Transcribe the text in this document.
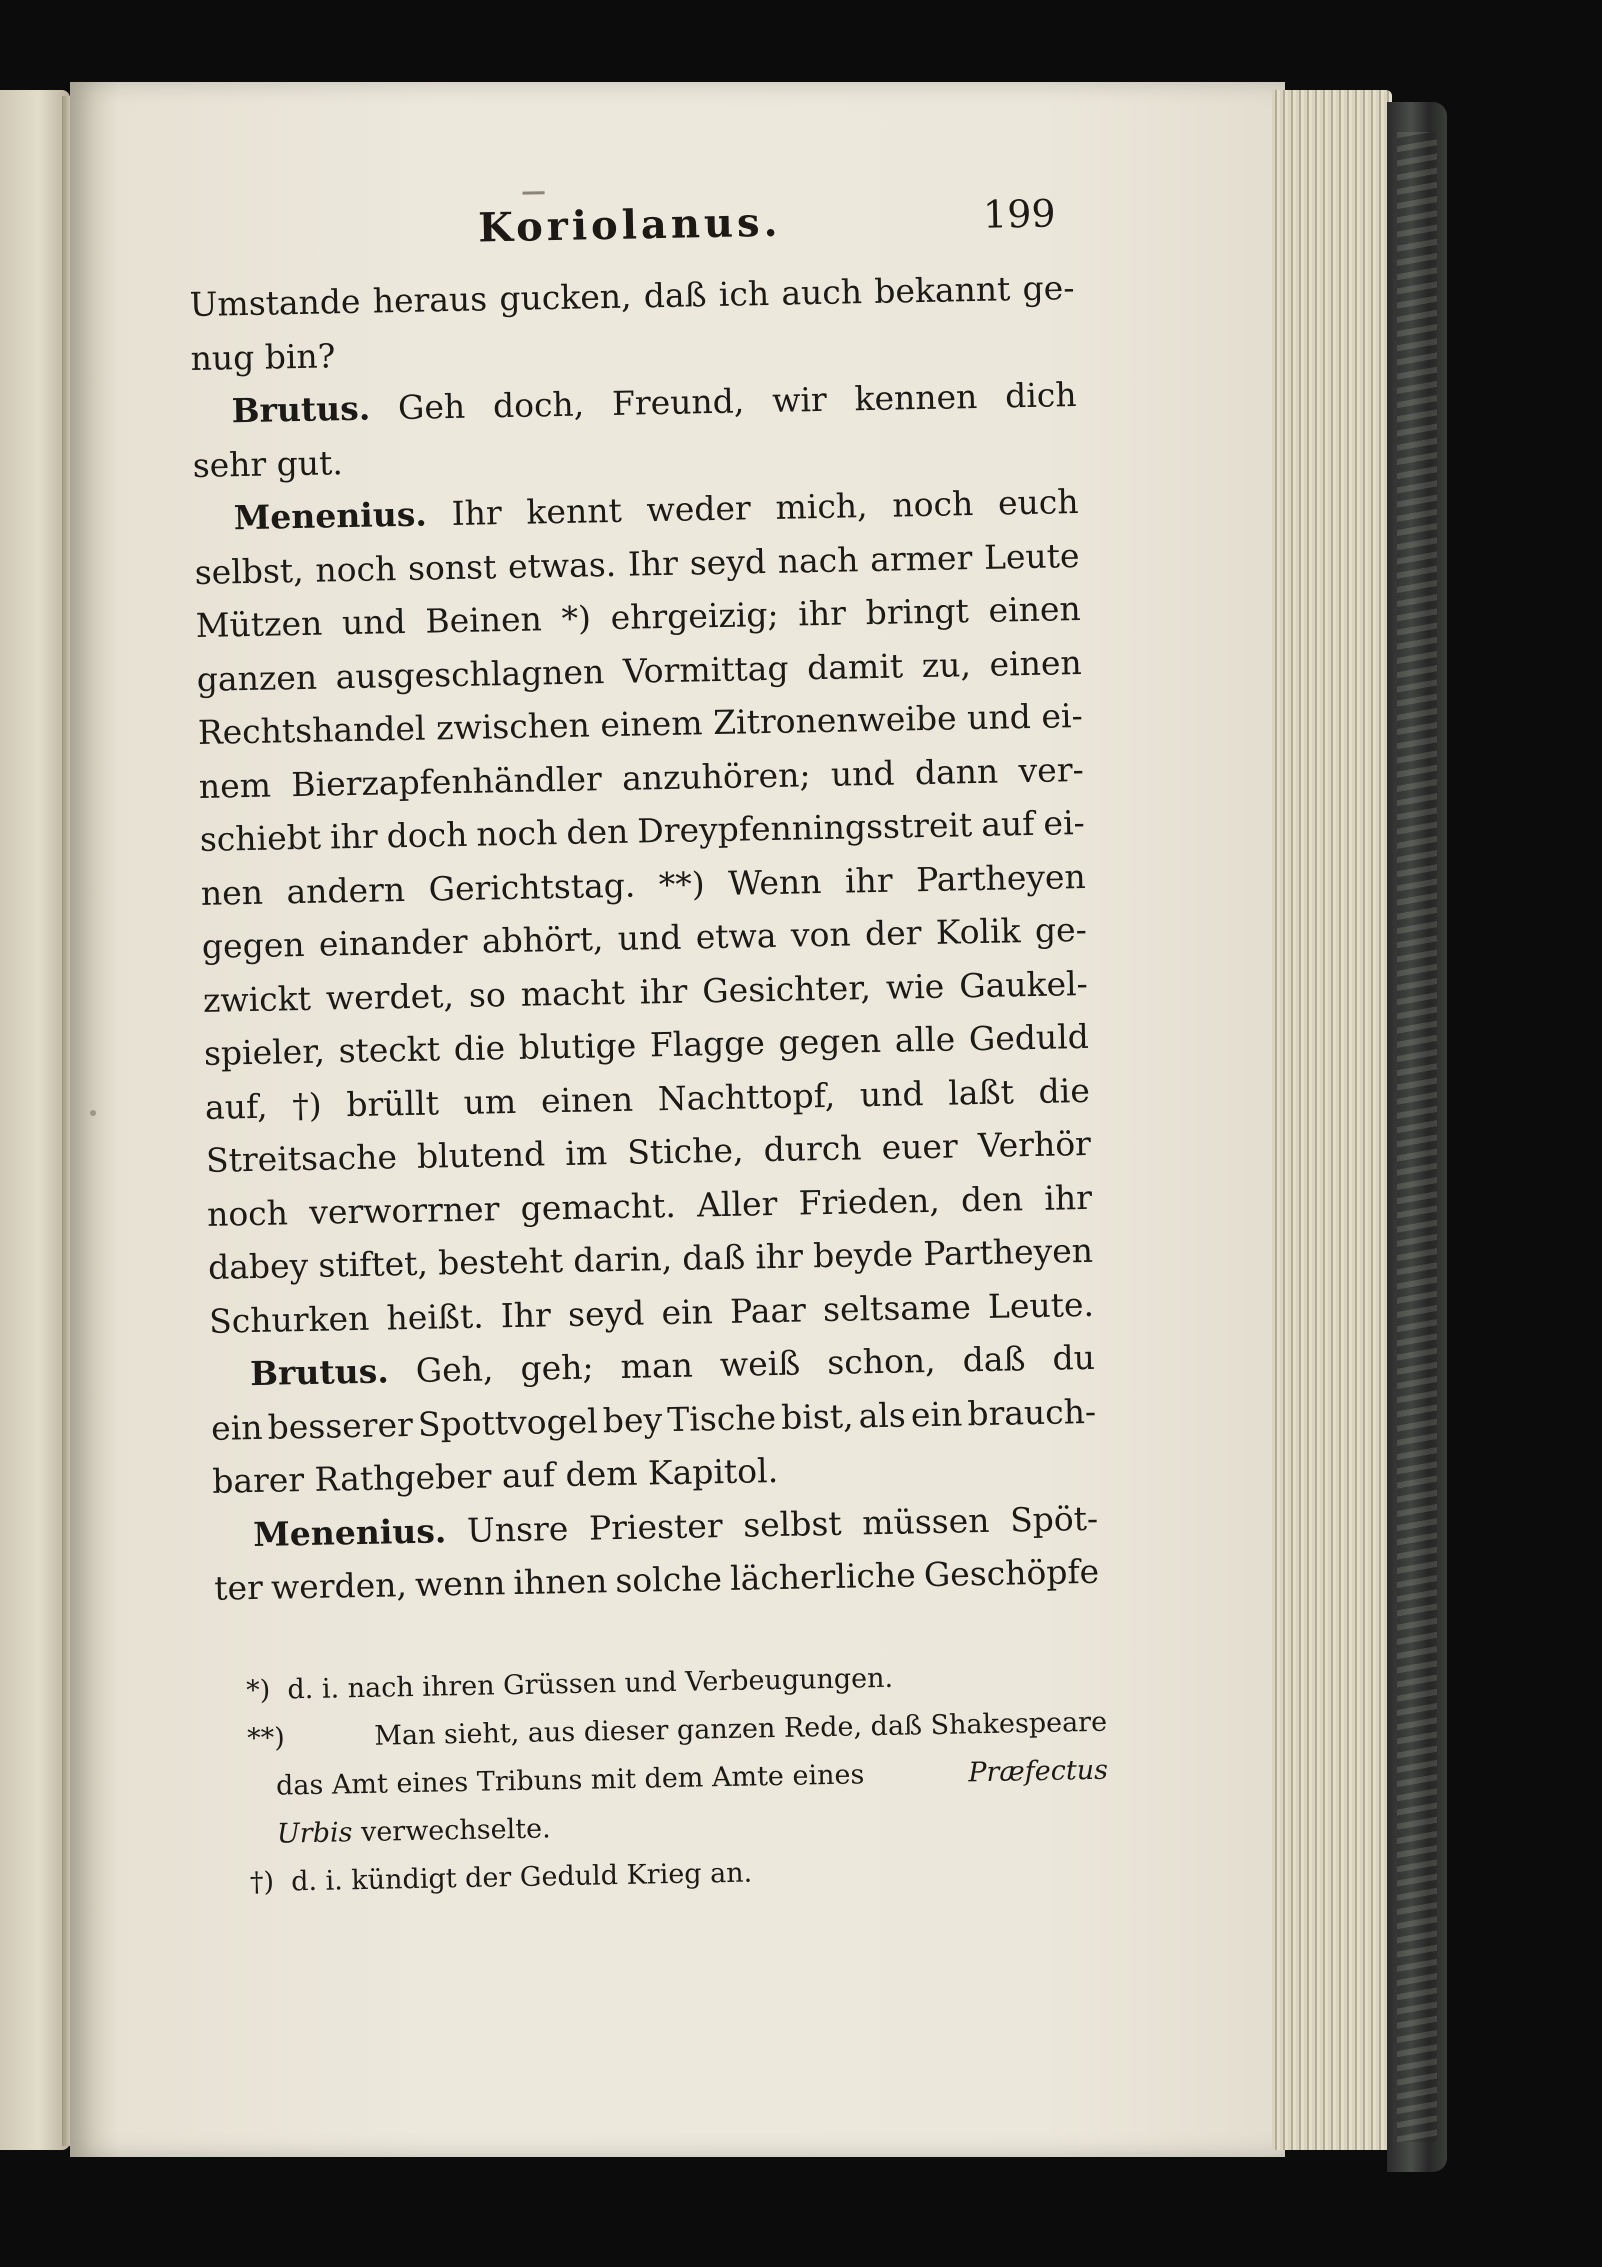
Koriolanus.	199
Umstande heraus gucken, daß ich auch bekannt ge-
nug bin?
Brutus. Geh doch, Freund, wir kennen dich
sehr gut.
Menenius. Ihr kennt weder mich, noch euch
selbst, noch sonst etwas. Ihr seyd nach armer Leute
Mützen und Beinen *) ehrgeizig; ihr bringt einen
ganzen ausgeschlagnen Vormittag damit zu, einen
Rechtshandel zwischen einem Zitronenweibe und ei-
nem Bierzapfenhändler anzuhören; und dann ver-
schiebt ihr doch noch den Dreypfenningsstreit auf ei-
nen andern Gerichtstag. **) Wenn ihr Partheyen
gegen einander abhört, und etwa von der Kolik ge-
zwickt werdet, so macht ihr Gesichter, wie Gaukel-
spieler, steckt die blutige Flagge gegen alle Geduld
auf, †) brüllt um einen Nachttopf, und laßt die
Streitsache blutend im Stiche, durch euer Verhör
noch verworrner gemacht. Aller Frieden, den ihr
dabey stiftet, besteht darin, daß ihr beyde Partheyen
Schurken heißt. Ihr seyd ein Paar seltsame Leute.
Brutus. Geh, geh; man weiß schon, daß du
ein besserer Spottvogel bey Tische bist, als ein brauch-
barer Rathgeber auf dem Kapitol.
Menenius. Unsre Priester selbst müssen Spöt-
ter werden, wenn ihnen solche lächerliche Geschöpfe
*)
d. i. nach ihren Grüssen und Verbeugungen.
**)	Man sieht, aus dieser ganzen Rede, daß Shakespeare
das Amt eines Tribuns mit dem Amte eines	Præfectus
Urbis
verwechselte.
†)
d. i. kündigt der Geduld Krieg an.
